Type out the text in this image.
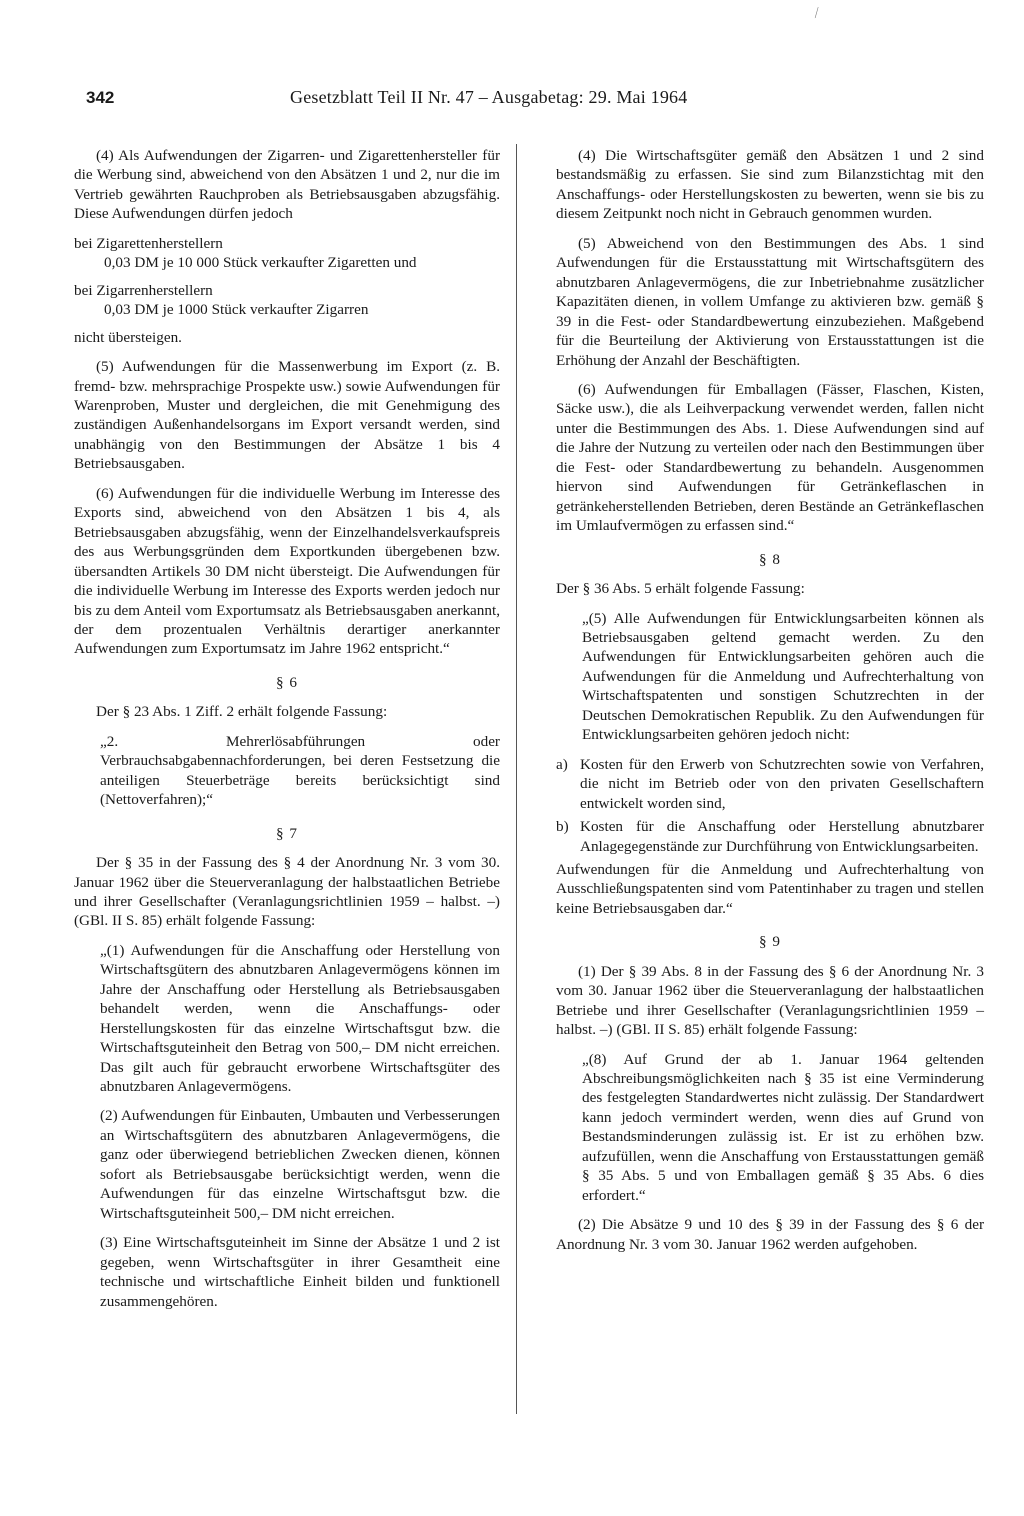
⁄
342	Gesetzblatt Teil II Nr. 47 – Ausgabetag: 29. Mai 1964

(4) Als Aufwendungen der Zigarren- und Zigarettenhersteller für die Werbung sind, abweichend von den Absätzen 1 und 2, nur die im Vertrieb gewährten Rauchproben als Betriebsausgaben abzugsfähig. Diese Aufwendungen dürfen jedoch

bei Zigarettenherstellern

0,03 DM je 10 000 Stück verkaufter Zigaretten und

bei Zigarrenherstellern

0,03 DM je 1000 Stück verkaufter Zigarren

nicht übersteigen.

(5) Aufwendungen für die Massenwerbung im Export (z. B. fremd- bzw. mehrsprachige Prospekte usw.) sowie Aufwendungen für Warenproben, Muster und dergleichen, die mit Genehmigung des zuständigen Außenhandelsorgans im Export versandt werden, sind unabhängig von den Bestimmungen der Absätze 1 bis 4 Betriebsausgaben.

(6) Aufwendungen für die individuelle Werbung im Interesse des Exports sind, abweichend von den Absätzen 1 bis 4, als Betriebsausgaben abzugsfähig, wenn der Einzelhandelsverkaufspreis des aus Werbungsgründen dem Exportkunden übergebenen bzw. übersandten Artikels 30 DM nicht übersteigt. Die Aufwendungen für die individuelle Werbung im Interesse des Exports werden jedoch nur bis zu dem Anteil vom Exportumsatz als Betriebsausgaben anerkannt, der dem prozentualen Verhältnis derartiger anerkannter Aufwendungen zum Exportumsatz im Jahre 1962 entspricht.“

§ 6

Der § 23 Abs. 1 Ziff. 2 erhält folgende Fassung:

„2. Mehrerlösabführungen oder Verbrauchsabgabennachforderungen, bei deren Festsetzung die anteiligen Steuerbeträge bereits berücksichtigt sind (Nettoverfahren);“

§ 7

Der § 35 in der Fassung des § 4 der Anordnung Nr. 3 vom 30. Januar 1962 über die Steuerveranlagung der halbstaatlichen Betriebe und ihrer Gesellschafter (Veranlagungsrichtlinien 1959 – halbst. –) (GBl. II S. 85) erhält folgende Fassung:

„(1) Aufwendungen für die Anschaffung oder Herstellung von Wirtschaftsgütern des abnutzbaren Anlagevermögens können im Jahre der Anschaffung oder Herstellung als Betriebsausgaben behandelt werden, wenn die Anschaffungs- oder Herstellungskosten für das einzelne Wirtschaftsgut bzw. die Wirtschaftsguteinheit den Betrag von 500,– DM nicht erreichen. Das gilt auch für gebraucht erworbene Wirtschaftsgüter des abnutzbaren Anlagevermögens.

(2) Aufwendungen für Einbauten, Umbauten und Verbesserungen an Wirtschaftsgütern des abnutzbaren Anlagevermögens, die ganz oder überwiegend betrieblichen Zwecken dienen, können sofort als Betriebsausgabe berücksichtigt werden, wenn die Aufwendungen für das einzelne Wirtschaftsgut bzw. die Wirtschaftsguteinheit 500,– DM nicht erreichen.

(3) Eine Wirtschaftsguteinheit im Sinne der Absätze 1 und 2 ist gegeben, wenn Wirtschaftsgüter in ihrer Gesamtheit eine technische und wirtschaftliche Einheit bilden und funktionell zusammengehören.

(4) Die Wirtschaftsgüter gemäß den Absätzen 1 und 2 sind bestandsmäßig zu erfassen. Sie sind zum Bilanzstichtag mit den Anschaffungs- oder Herstellungskosten zu bewerten, wenn sie bis zu diesem Zeitpunkt noch nicht in Gebrauch genommen wurden.

(5) Abweichend von den Bestimmungen des Abs. 1 sind Aufwendungen für die Erstausstattung mit Wirtschaftsgütern des abnutzbaren Anlagevermögens, die zur Inbetriebnahme zusätzlicher Kapazitäten dienen, in vollem Umfange zu aktivieren bzw. gemäß § 39 in die Fest- oder Standardbewertung einzubeziehen. Maßgebend für die Beurteilung der Aktivierung von Erstausstattungen ist die Erhöhung der Anzahl der Beschäftigten.

(6) Aufwendungen für Emballagen (Fässer, Flaschen, Kisten, Säcke usw.), die als Leihverpackung verwendet werden, fallen nicht unter die Bestimmungen des Abs. 1. Diese Aufwendungen sind auf die Jahre der Nutzung zu verteilen oder nach den Bestimmungen über die Fest- oder Standardbewertung zu behandeln. Ausgenommen hiervon sind Aufwendungen für Getränkeflaschen in getränkeherstellenden Betrieben, deren Bestände an Getränkeflaschen im Umlaufvermögen zu erfassen sind.“

§ 8

Der § 36 Abs. 5 erhält folgende Fassung:

„(5) Alle Aufwendungen für Entwicklungsarbeiten können als Betriebsausgaben geltend gemacht werden. Zu den Aufwendungen für Entwicklungsarbeiten gehören auch die Aufwendungen für die Anmeldung und Aufrechterhaltung von Wirtschaftspatenten und sonstigen Schutzrechten in der Deutschen Demokratischen Republik. Zu den Aufwendungen für Entwicklungsarbeiten gehören jedoch nicht:

a) Kosten für den Erwerb von Schutzrechten sowie von Verfahren, die nicht im Betrieb oder von den privaten Gesellschaftern entwickelt worden sind,
b) Kosten für die Anschaffung oder Herstellung abnutzbarer Anlagegegenstände zur Durchführung von Entwicklungsarbeiten.

Aufwendungen für die Anmeldung und Aufrechterhaltung von Ausschließungspatenten sind vom Patentinhaber zu tragen und stellen keine Betriebsausgaben dar.“

§ 9

(1) Der § 39 Abs. 8 in der Fassung des § 6 der Anordnung Nr. 3 vom 30. Januar 1962 über die Steuerveranlagung der halbstaatlichen Betriebe und ihrer Gesellschafter (Veranlagungsrichtlinien 1959 – halbst. –) (GBl. II S. 85) erhält folgende Fassung:

„(8) Auf Grund der ab 1. Januar 1964 geltenden Abschreibungsmöglichkeiten nach § 35 ist eine Verminderung des festgelegten Standardwertes nicht zulässig. Der Standardwert kann jedoch vermindert werden, wenn dies auf Grund von Bestandsminderungen zulässig ist. Er ist zu erhöhen bzw. aufzufüllen, wenn die Anschaffung von Erstausstattungen gemäß § 35 Abs. 5 und von Emballagen gemäß § 35 Abs. 6 dies erfordert.“

(2) Die Absätze 9 und 10 des § 39 in der Fassung des § 6 der Anordnung Nr. 3 vom 30. Januar 1962 werden aufgehoben.
